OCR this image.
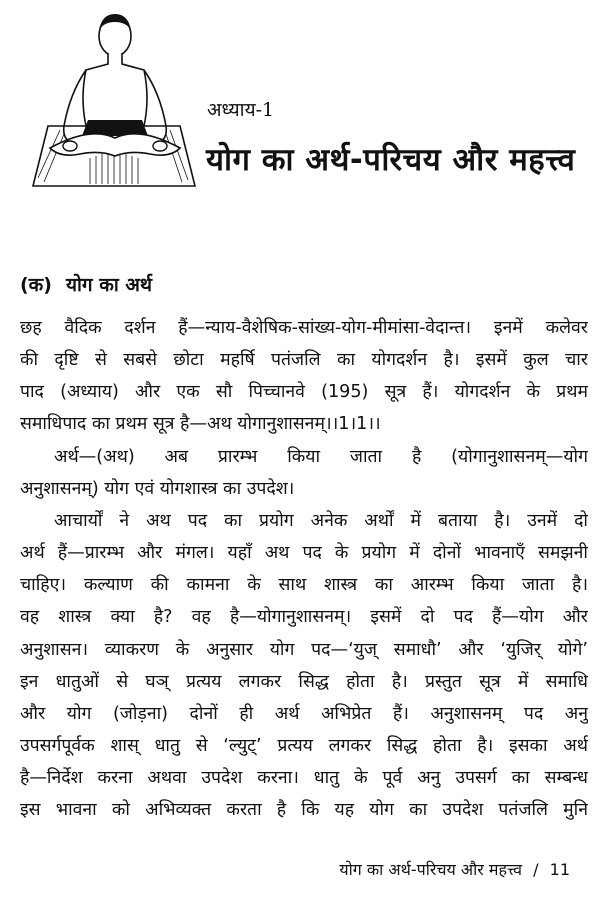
अध्याय-1
योग का अर्थ-परिचय और महत्त्व
(क) योग का अर्थ
छह वैदिक दर्शन हैं—न्याय-वैशेषिक-सांख्य-योग-मीमांसा-वेदान्त। इनमें कलेवर
की दृष्टि से सबसे छोटा महर्षि पतंजलि का योगदर्शन है। इसमें कुल चार
पाद (अध्याय) और एक सौ पिच्चानवे (195) सूत्र हैं। योगदर्शन के प्रथम
समाधिपाद का प्रथम सूत्र है—अथ योगानुशासनम्।।1।1।।
अर्थ—(अथ) अब प्रारम्भ किया जाता है (योगानुशासनम्—योग
अनुशासनम्) योग एवं योगशास्त्र का उपदेश।
आचार्यों ने अथ पद का प्रयोग अनेक अर्थों में बताया है। उनमें दो
अर्थ हैं—प्रारम्भ और मंगल। यहाँ अथ पद के प्रयोग में दोनों भावनाएँ समझनी
चाहिए। कल्याण की कामना के साथ शास्त्र का आरम्भ किया जाता है।
वह शास्त्र क्या है? वह है—योगानुशासनम्। इसमें दो पद हैं—योग और
अनुशासन। व्याकरण के अनुसार योग पद—‘युज् समाधौ’ और ‘युजिर् योगे’
इन धातुओं से घञ् प्रत्यय लगकर सिद्ध होता है। प्रस्तुत सूत्र में समाधि
और योग (जोड़ना) दोनों ही अर्थ अभिप्रेत हैं। अनुशासनम् पद अनु
उपसर्गपूर्वक शास् धातु से ‘ल्युट्’ प्रत्यय लगकर सिद्ध होता है। इसका अर्थ
है—निर्देश करना अथवा उपदेश करना। धातु के पूर्व अनु उपसर्ग का सम्बन्ध
इस भावना को अभिव्यक्त करता है कि यह योग का उपदेश पतंजलि मुनि
योग का अर्थ-परिचय और महत्त्व / 11
